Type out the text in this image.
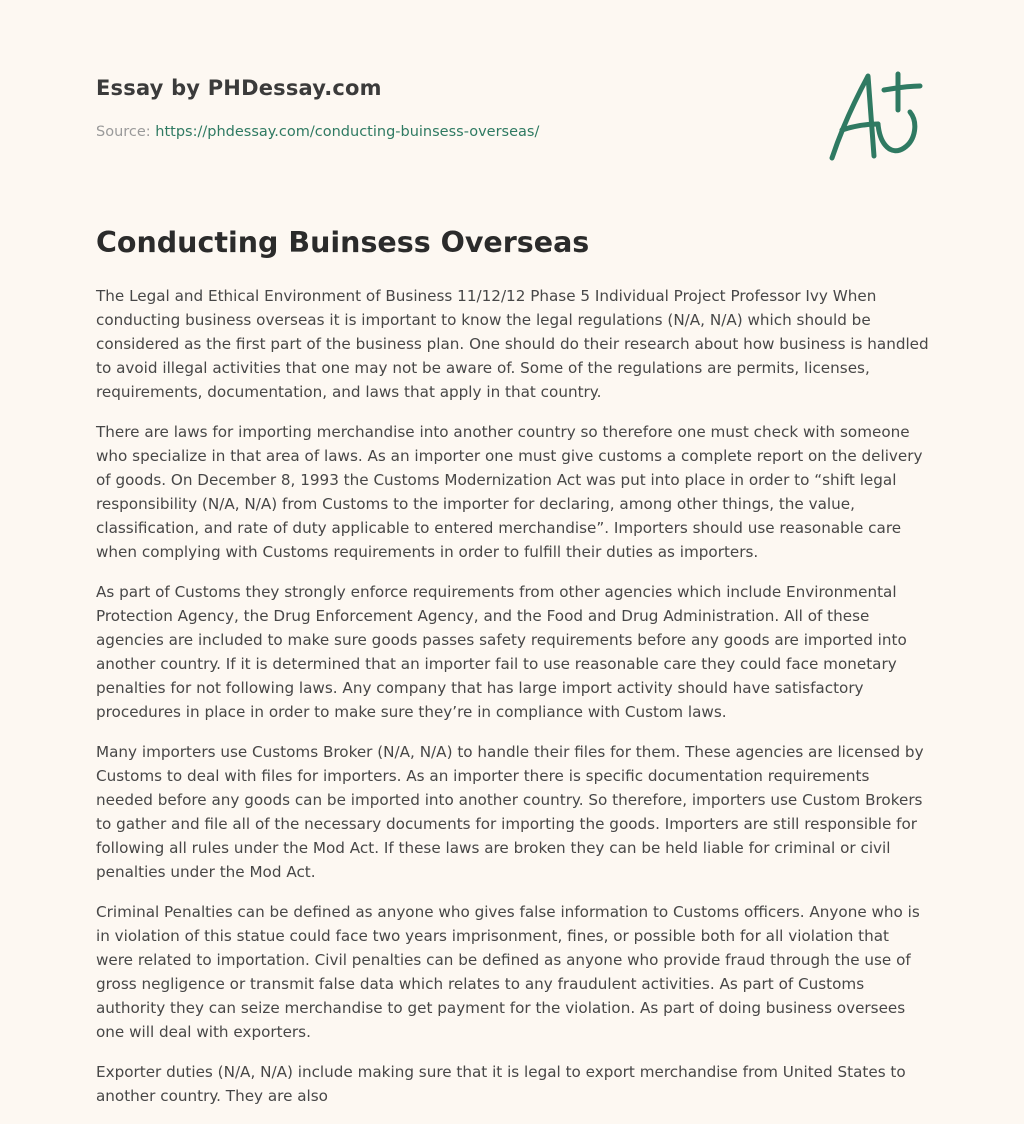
Essay by PHDessay.com
Source: https://phdessay.com/conducting-buinsess-overseas/
Conducting Buinsess Overseas

The Legal and Ethical Environment of Business 11/12/12 Phase 5 Individual Project Professor Ivy When conducting business overseas it is important to know the legal regulations (N/A, N/A) which should be considered as the first part of the business plan. One should do their research about how business is handled to avoid illegal activities that one may not be aware of. Some of the regulations are permits, licenses, requirements, documentation, and laws that apply in that country.

There are laws for importing merchandise into another country so therefore one must check with someone who specialize in that area of laws. As an importer one must give customs a complete report on the delivery of goods. On December 8, 1993 the Customs Modernization Act was put into place in order to “shift legal responsibility (N/A, N/A) from Customs to the importer for declaring, among other things, the value, classification, and rate of duty applicable to entered merchandise”. Importers should use reasonable care when complying with Customs requirements in order to fulfill their duties as importers.

As part of Customs they strongly enforce requirements from other agencies which include Environmental Protection Agency, the Drug Enforcement Agency, and the Food and Drug Administration. All of these agencies are included to make sure goods passes safety requirements before any goods are imported into another country. If it is determined that an importer fail to use reasonable care they could face monetary penalties for not following laws. Any company that has large import activity should have satisfactory procedures in place in order to make sure they’re in compliance with Custom laws.

Many importers use Customs Broker (N/A, N/A) to handle their files for them. These agencies are licensed by Customs to deal with files for importers. As an importer there is specific documentation requirements needed before any goods can be imported into another country. So therefore, importers use Custom Brokers to gather and file all of the necessary documents for importing the goods. Importers are still responsible for following all rules under the Mod Act. If these laws are broken they can be held liable for criminal or civil penalties under the Mod Act.

Criminal Penalties can be defined as anyone who gives false information to Customs officers. Anyone who is in violation of this statue could face two years imprisonment, fines, or possible both for all violation that were related to importation. Civil penalties can be defined as anyone who provide fraud through the use of gross negligence or transmit false data which relates to any fraudulent activities. As part of Customs authority they can seize merchandise to get payment for the violation. As part of doing business oversees one will deal with exporters.

Exporter duties (N/A, N/A) include making sure that it is legal to export merchandise from United States to another country. They are also
